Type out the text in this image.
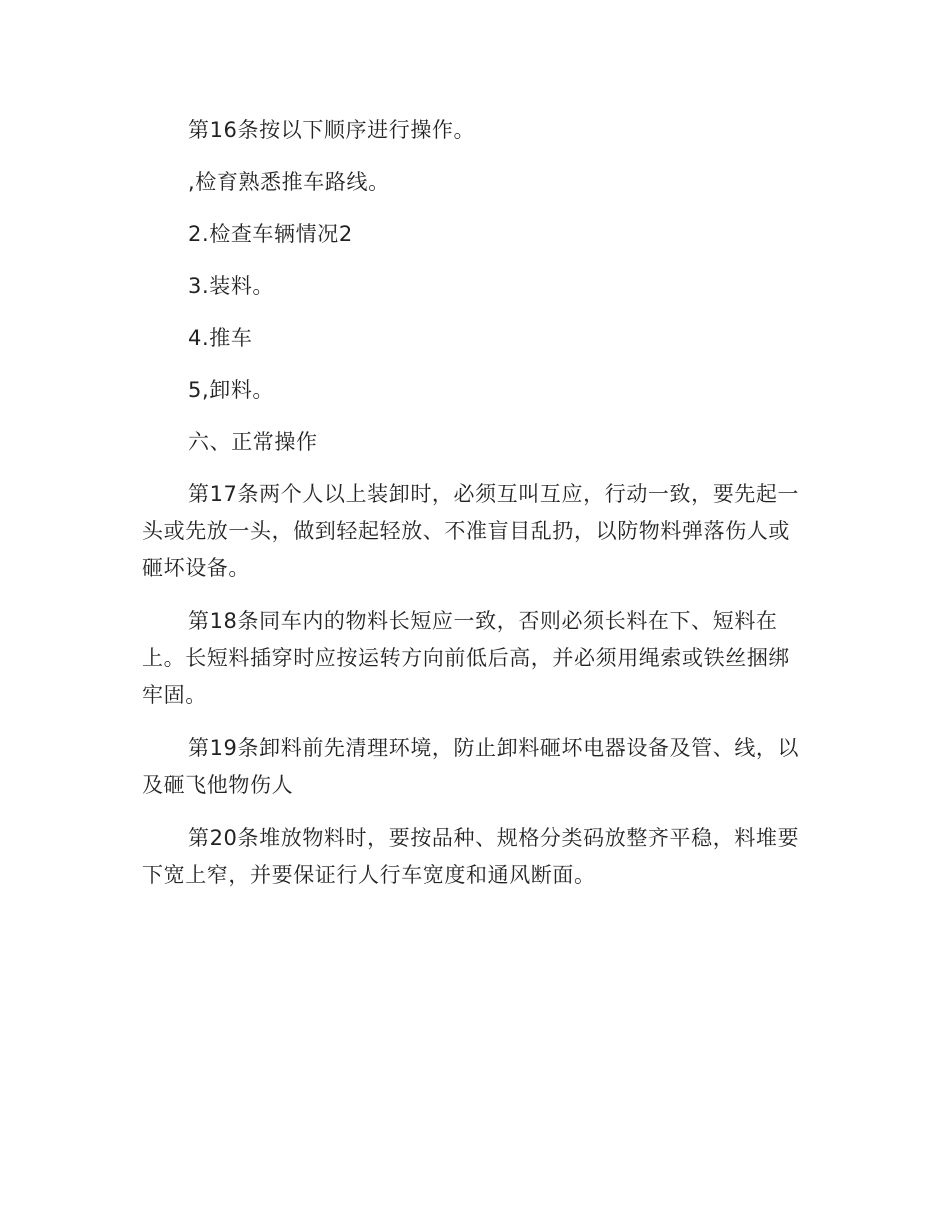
第16条按以下顺序进行操作。

,检育熟悉推车路线。

2.检查车辆情况2

3.装料。

4.推车

5,卸料。

六、正常操作

第17条两个人以上装卸时，必须互叫互应，行动一致，要先起一头或先放一头，做到轻起轻放、不准盲目乱扔，以防物料弹落伤人或砸坏设备。

第18条同车内的物料长短应一致，否则必须长料在下、短料在上。长短料插穿时应按运转方向前低后高，并必须用绳索或铁丝捆绑牢固。

第19条卸料前先清理环境，防止卸料砸坏电器设备及管、线，以及砸飞他物伤人

第20条堆放物料时，要按品种、规格分类码放整齐平稳，料堆要下宽上窄，并要保证行人行车宽度和通风断面。
